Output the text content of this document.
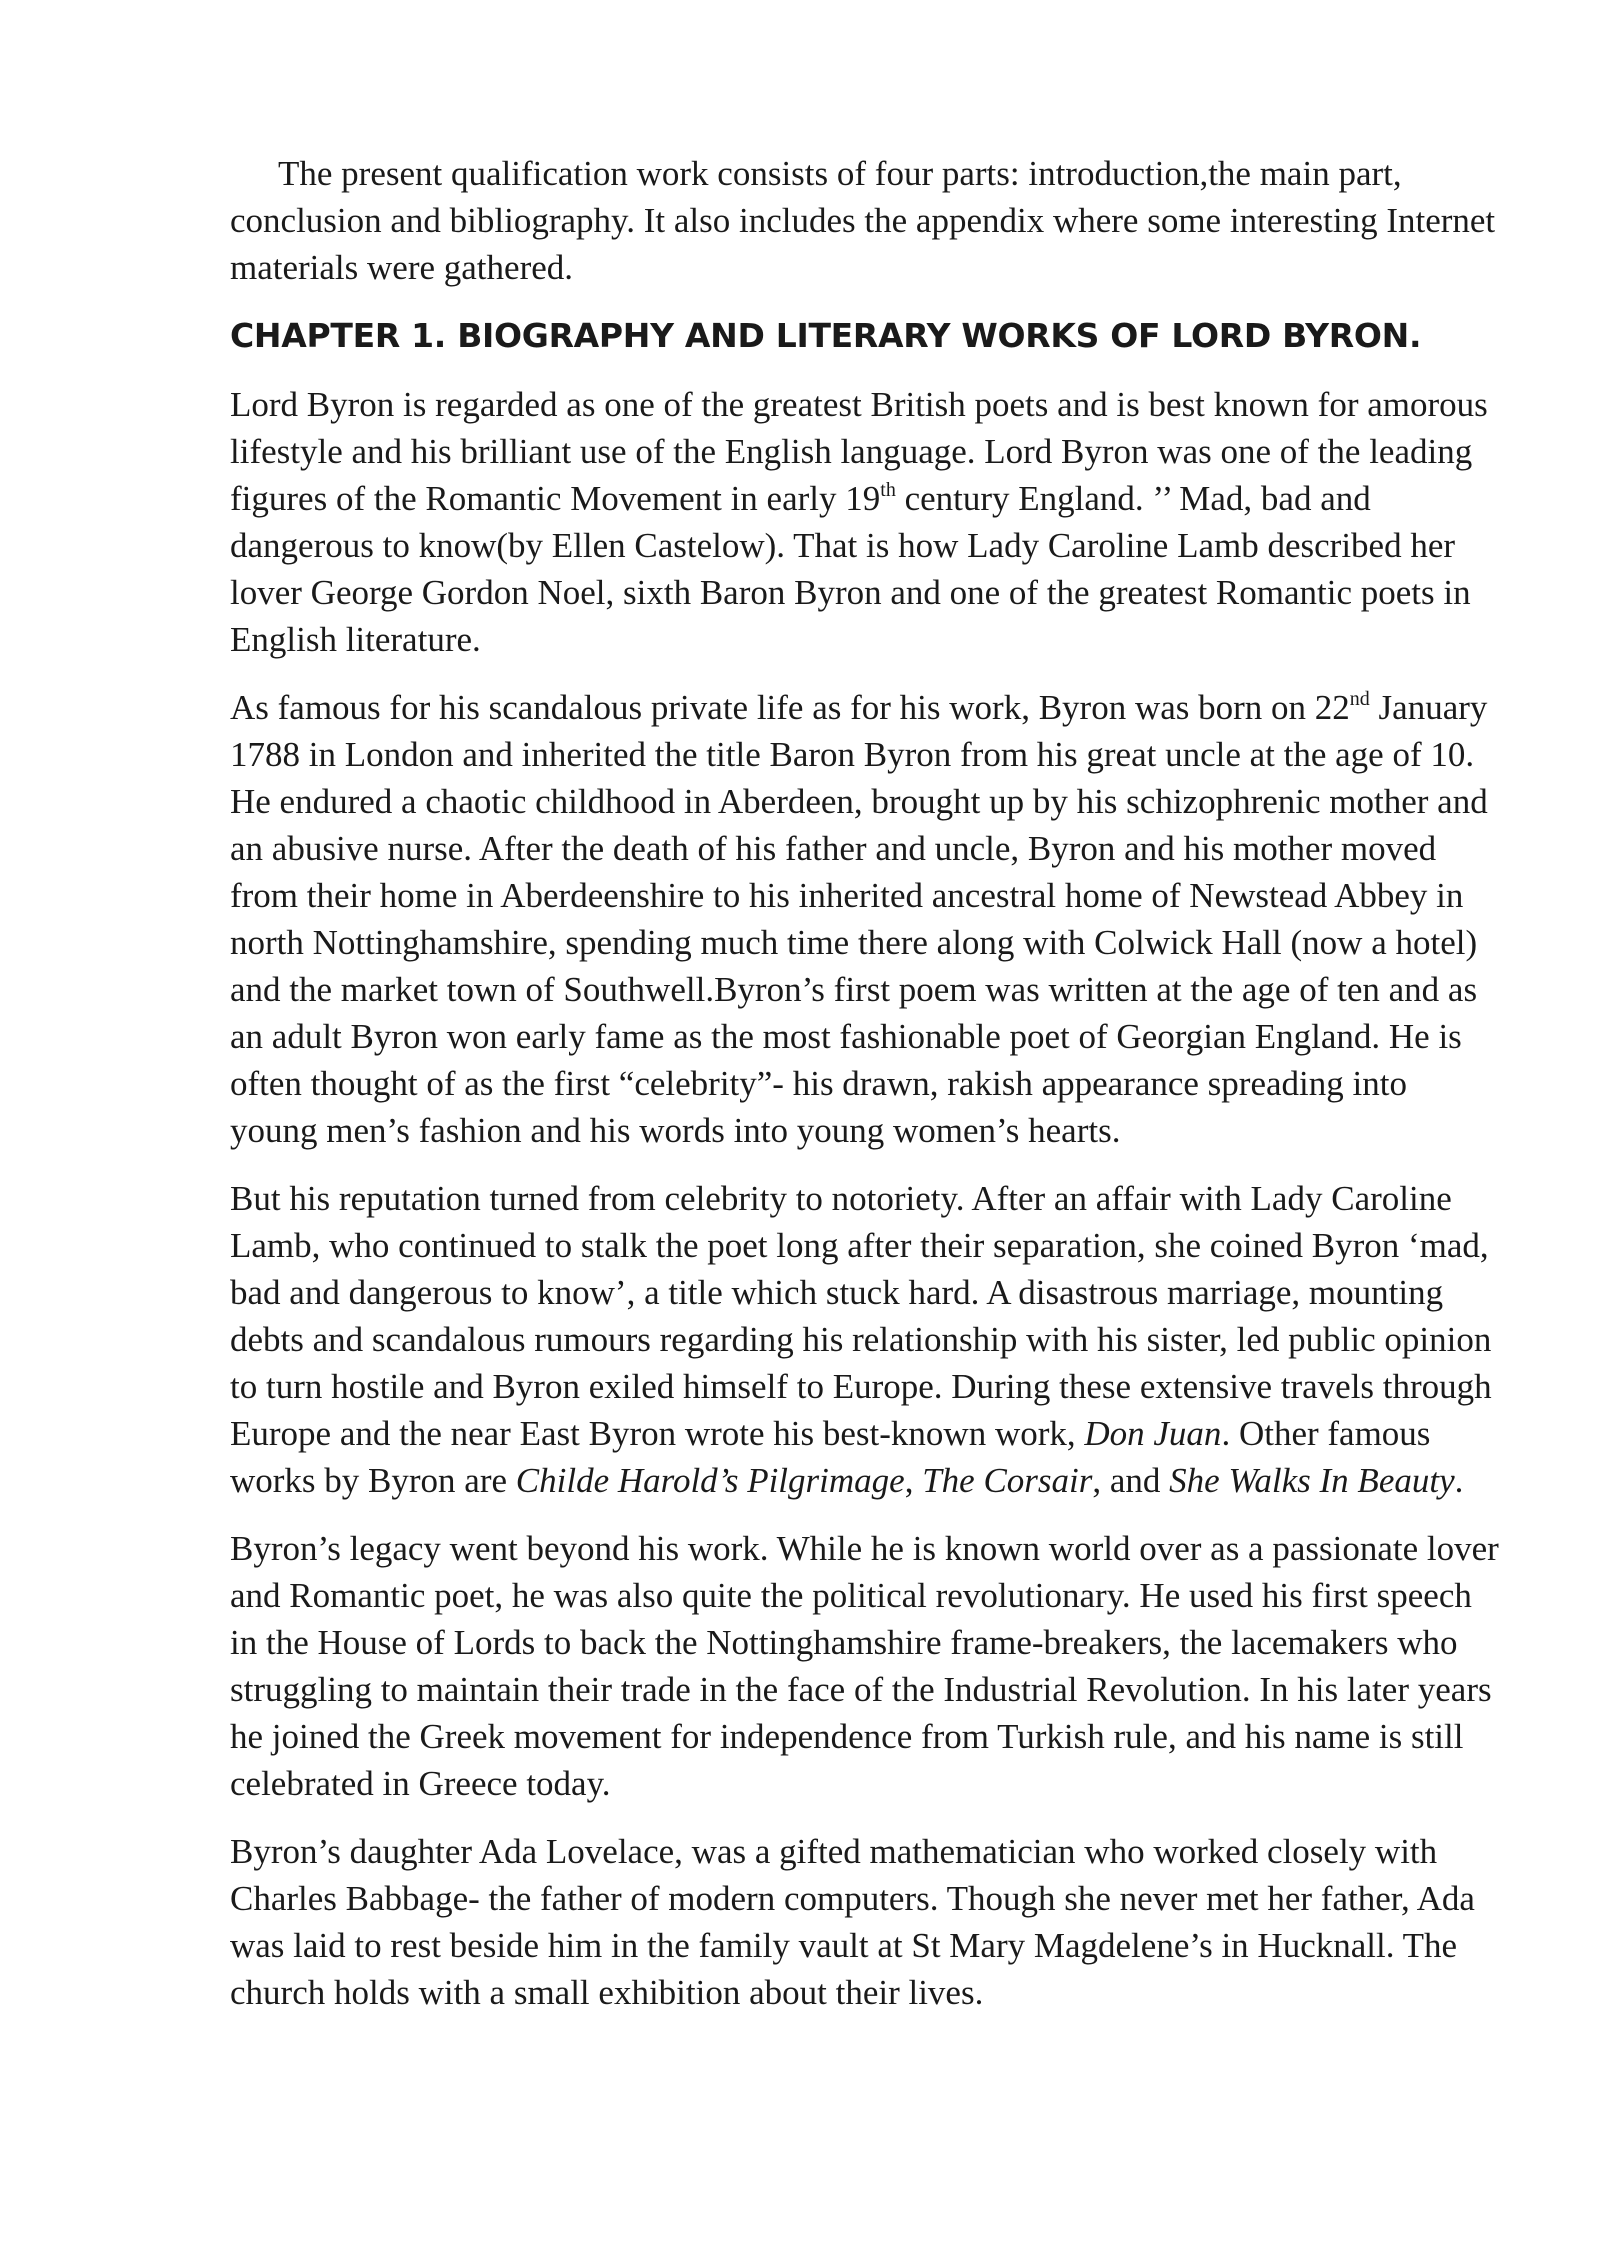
The present qualification work consists of four parts: introduction,the main part, conclusion and bibliography. It also includes the appendix where some interesting Internet materials were gathered.

CHAPTER 1. BIOGRAPHY AND LITERARY WORKS OF LORD BYRON.

Lord Byron is regarded as one of the greatest British poets and is best known for amorous lifestyle and his brilliant use of the English language. Lord Byron was one of the leading figures of the Romantic Movement in early 19th century England. ’’ Mad, bad and dangerous to know(by Ellen Castelow). That is how Lady Caroline Lamb described her lover George Gordon Noel, sixth Baron Byron and one of the greatest Romantic poets in English literature.

As famous for his scandalous private life as for his work, Byron was born on 22nd January 1788 in London and inherited the title Baron Byron from his great uncle at the age of 10. He endured a chaotic childhood in Aberdeen, brought up by his schizophrenic mother and an abusive nurse. After the death of his father and uncle, Byron and his mother moved from their home in Aberdeenshire to his inherited ancestral home of Newstead Abbey in north Nottinghamshire, spending much time there along with Colwick Hall (now a hotel) and the market town of Southwell.Byron’s first poem was written at the age of ten and as an adult Byron won early fame as the most fashionable poet of Georgian England. He is often thought of as the first “celebrity”- his drawn, rakish appearance spreading into young men’s fashion and his words into young women’s hearts.

But his reputation turned from celebrity to notoriety. After an affair with Lady Caroline Lamb, who continued to stalk the poet long after their separation, she coined Byron ‘mad, bad and dangerous to know’, a title which stuck hard. A disastrous marriage, mounting debts and scandalous rumours regarding his relationship with his sister, led public opinion to turn hostile and Byron exiled himself to Europe. During these extensive travels through Europe and the near East Byron wrote his best-known work, Don Juan. Other famous works by Byron are Childe Harold’s Pilgrimage, The Corsair, and She Walks In Beauty.

Byron’s legacy went beyond his work. While he is known world over as a passionate lover and Romantic poet, he was also quite the political revolutionary. He used his first speech in the House of Lords to back the Nottinghamshire frame-breakers, the lacemakers who struggling to maintain their trade in the face of the Industrial Revolution. In his later years he joined the Greek movement for independence from Turkish rule, and his name is still celebrated in Greece today.

Byron’s daughter Ada Lovelace, was a gifted mathematician who worked closely with Charles Babbage- the father of modern computers. Though she never met her father, Ada was laid to rest beside him in the family vault at St Mary Magdelene’s in Hucknall. The church holds with a small exhibition about their lives.
